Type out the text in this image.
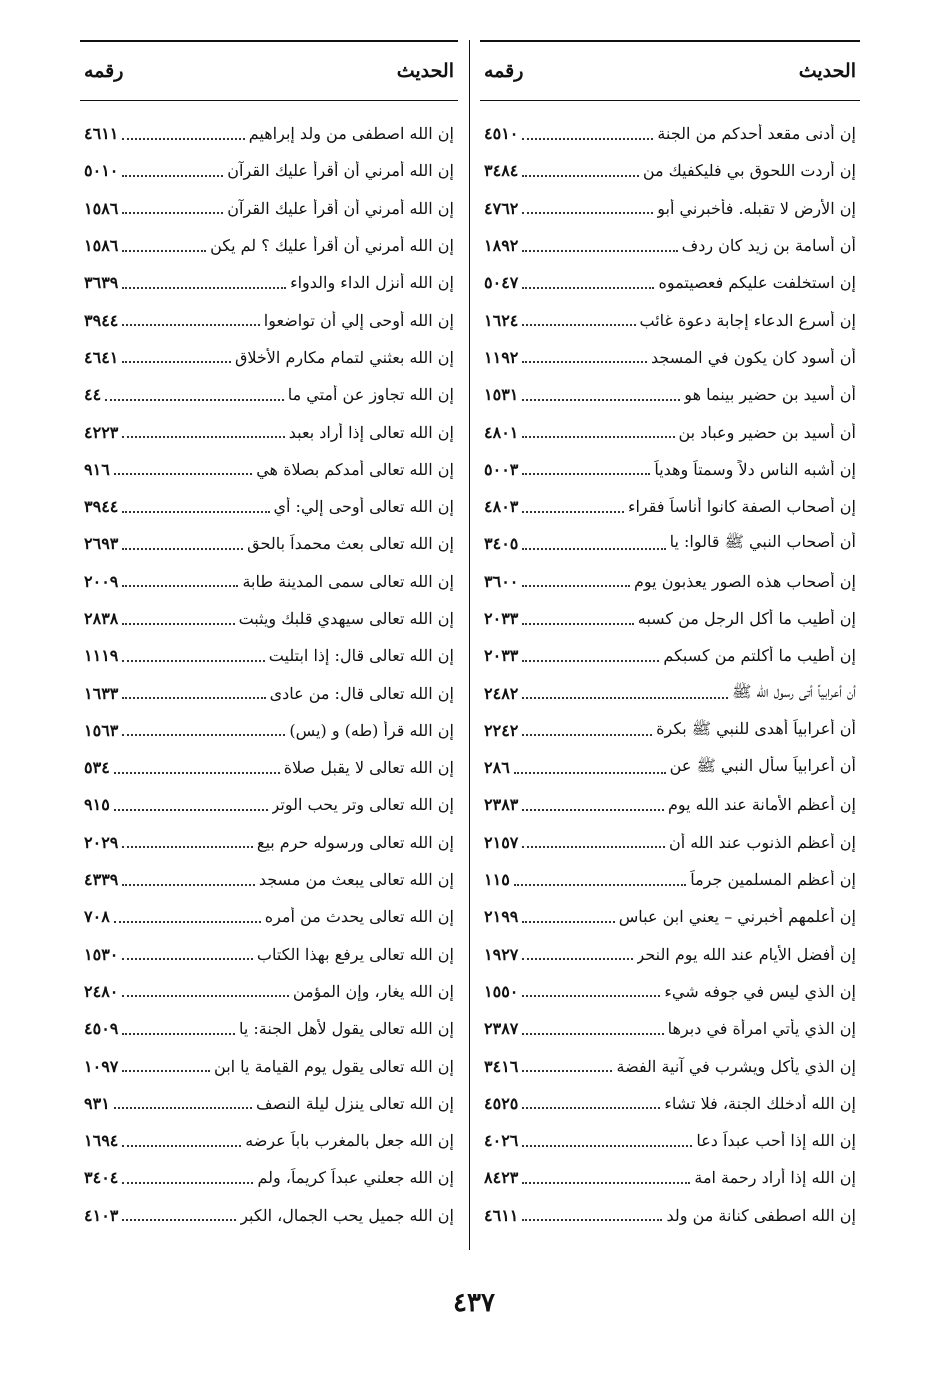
الحديث
رقمه
إن أدنى مقعد أحدكم من الجنة
٤٥١٠
إن أردت اللحوق بي فليكفيك من
٣٤٨٤
إن الأرض لا تقبله. فأخبرني أبو
٤٧٦٢
أن أسامة بن زيد كان ردف
١٨٩٢
إن استخلفت عليكم فعصيتموه
٥٠٤٧
إن أسرع الدعاء إجابة دعوة غائب
١٦٢٤
أن أسود كان يكون في المسجد
١١٩٢
أن أسيد بن حضير بينما هو
١٥٣١
أن أسيد بن حضير وعباد بن
٤٨٠١
إن أشبه الناس دلاً وسمتاً وهدياً
٥٠٠٣
إن أصحاب الصفة كانوا أناساً فقراء
٤٨٠٣
أن أصحاب النبي ﷺ قالوا: يا
٣٤٠٥
إن أصحاب هذه الصور يعذبون يوم
٣٦٠٠
إن أطيب ما أكل الرجل من كسبه
٢٠٣٣
إن أطيب ما أكلتم من كسبكم
٢٠٣٣
أن أعرابياً أتى رسول الله ﷺ
٢٤٨٢
أن أعرابياً أهدى للنبي ﷺ بكرة
٢٢٤٢
أن أعرابياً سأل النبي ﷺ عن
٢٨٦
إن أعظم الأمانة عند الله يوم
٢٣٨٣
إن أعظم الذنوب عند الله أن
٢١٥٧
إن أعظم المسلمين جرماً
١١٥
إن أعلمهم أخبرني – يعني ابن عباس
٢١٩٩
إن أفضل الأيام عند الله يوم النحر
١٩٢٧
إن الذي ليس في جوفه شيء
١٥٥٠
إن الذي يأتي امرأة في دبرها
٢٣٨٧
إن الذي يأكل ويشرب في آنية الفضة
٣٤١٦
إن الله أدخلك الجنة، فلا تشاء
٤٥٢٥
إن الله إذا أحب عبداً دعا
٤٠٢٦
إن الله إذا أراد رحمة امة
٨٤٢٣
إن الله اصطفى كنانة من ولد
٤٦١١
الحديث
رقمه
إن الله اصطفى من ولد إبراهيم
٤٦١١
إن الله أمرني أن أقرأ عليك القرآن
٥٠١٠
إن الله أمرني أن أقرأ عليك القرآن
١٥٨٦
إن الله أمرني أن أقرأ عليك ؟ لم يكن
١٥٨٦
إن الله أنزل الداء والدواء
٣٦٣٩
إن الله أوحى إلي أن تواضعوا
٣٩٤٤
إن الله بعثني لتمام مكارم الأخلاق
٤٦٤١
إن الله تجاوز عن أمتي ما
٤٤
إن الله تعالى إذا أراد بعبد
٤٢٢٣
إن الله تعالى أمدكم بصلاة هي
٩١٦
إن الله تعالى أوحى إلي: أي
٣٩٤٤
إن الله تعالى بعث محمداً بالحق
٢٦٩٣
إن الله تعالى سمى المدينة طابة
٢٠٠٩
إن الله تعالى سيهدي قلبك ويثبت
٢٨٣٨
إن الله تعالى قال: إذا ابتليت
١١١٩
إن الله تعالى قال: من عادى
١٦٣٣
إن الله قرأ (طه) و (يس)
١٥٦٣
إن الله تعالى لا يقبل صلاة
٥٣٤
إن الله تعالى وتر يحب الوتر
٩١٥
إن الله تعالى ورسوله حرم بيع
٢٠٢٩
إن الله تعالى يبعث من مسجد
٤٣٣٩
إن الله تعالى يحدث من أمره
٧٠٨
إن الله تعالى يرفع بهذا الكتاب
١٥٣٠
إن الله يغار، وإن المؤمن
٢٤٨٠
إن الله تعالى يقول لأهل الجنة: يا
٤٥٠٩
إن الله تعالى يقول يوم القيامة يا ابن
١٠٩٧
إن الله تعالى ينزل ليلة النصف
٩٣١
إن الله جعل بالمغرب باباً عرضه
١٦٩٤
إن الله جعلني عبداً كريماً، ولم
٣٤٠٤
إن الله جميل يحب الجمال، الكبر
٤١٠٣
٤٣٧
